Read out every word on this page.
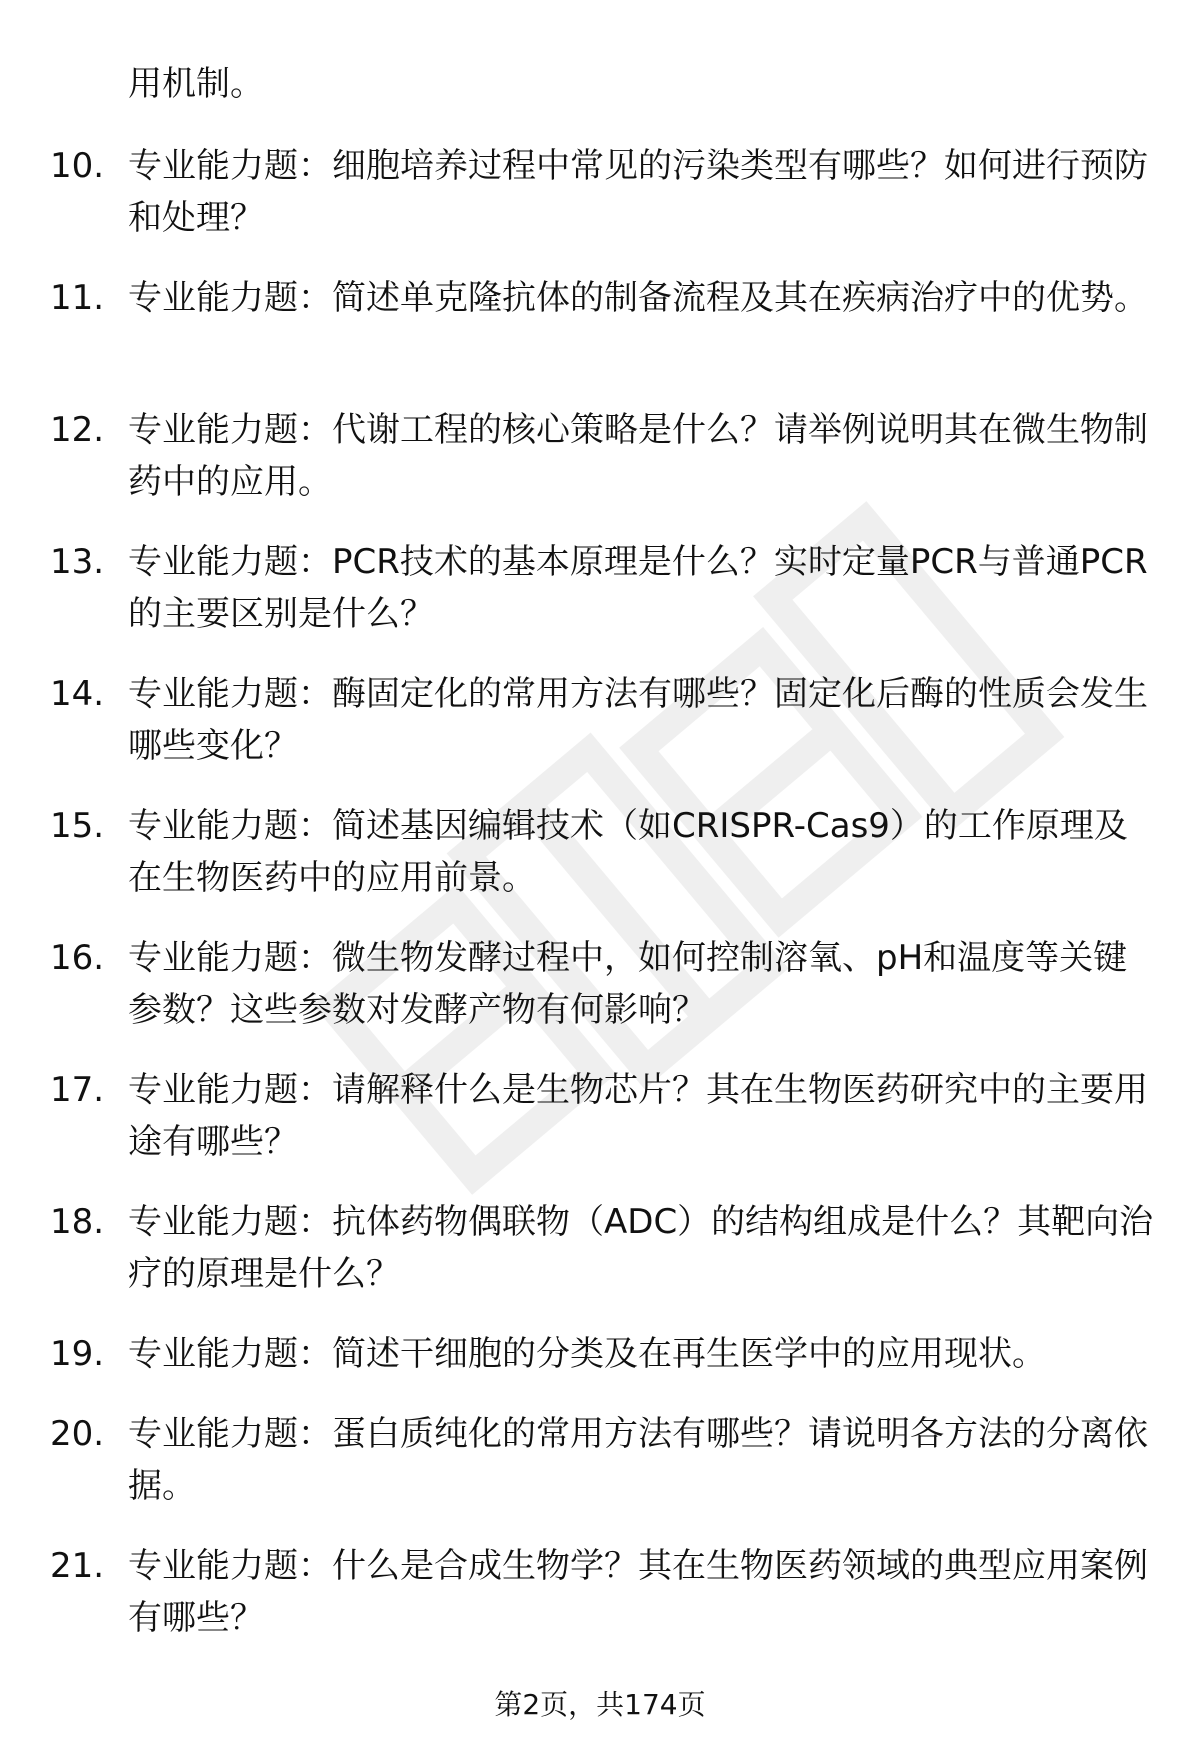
用机制。

10. 专业能力题：细胞培养过程中常见的污染类型有哪些？如何进行预防和处理？
11. 专业能力题：简述单克隆抗体的制备流程及其在疾病治疗中的优势。
12. 专业能力题：代谢工程的核心策略是什么？请举例说明其在微生物制药中的应用。
13. 专业能力题：PCR技术的基本原理是什么？实时定量PCR与普通PCR的主要区别是什么？
14. 专业能力题：酶固定化的常用方法有哪些？固定化后酶的性质会发生哪些变化？
15. 专业能力题：简述基因编辑技术（如CRISPR-Cas9）的工作原理及在生物医药中的应用前景。
16. 专业能力题：微生物发酵过程中，如何控制溶氧、pH和温度等关键参数？这些参数对发酵产物有何影响？
17. 专业能力题：请解释什么是生物芯片？其在生物医药研究中的主要用途有哪些？
18. 专业能力题：抗体药物偶联物（ADC）的结构组成是什么？其靶向治疗的原理是什么？
19. 专业能力题：简述干细胞的分类及在再生医学中的应用现状。
20. 专业能力题：蛋白质纯化的常用方法有哪些？请说明各方法的分离依据。
21. 专业能力题：什么是合成生物学？其在生物医药领域的典型应用案例有哪些？
第2页，共174页
